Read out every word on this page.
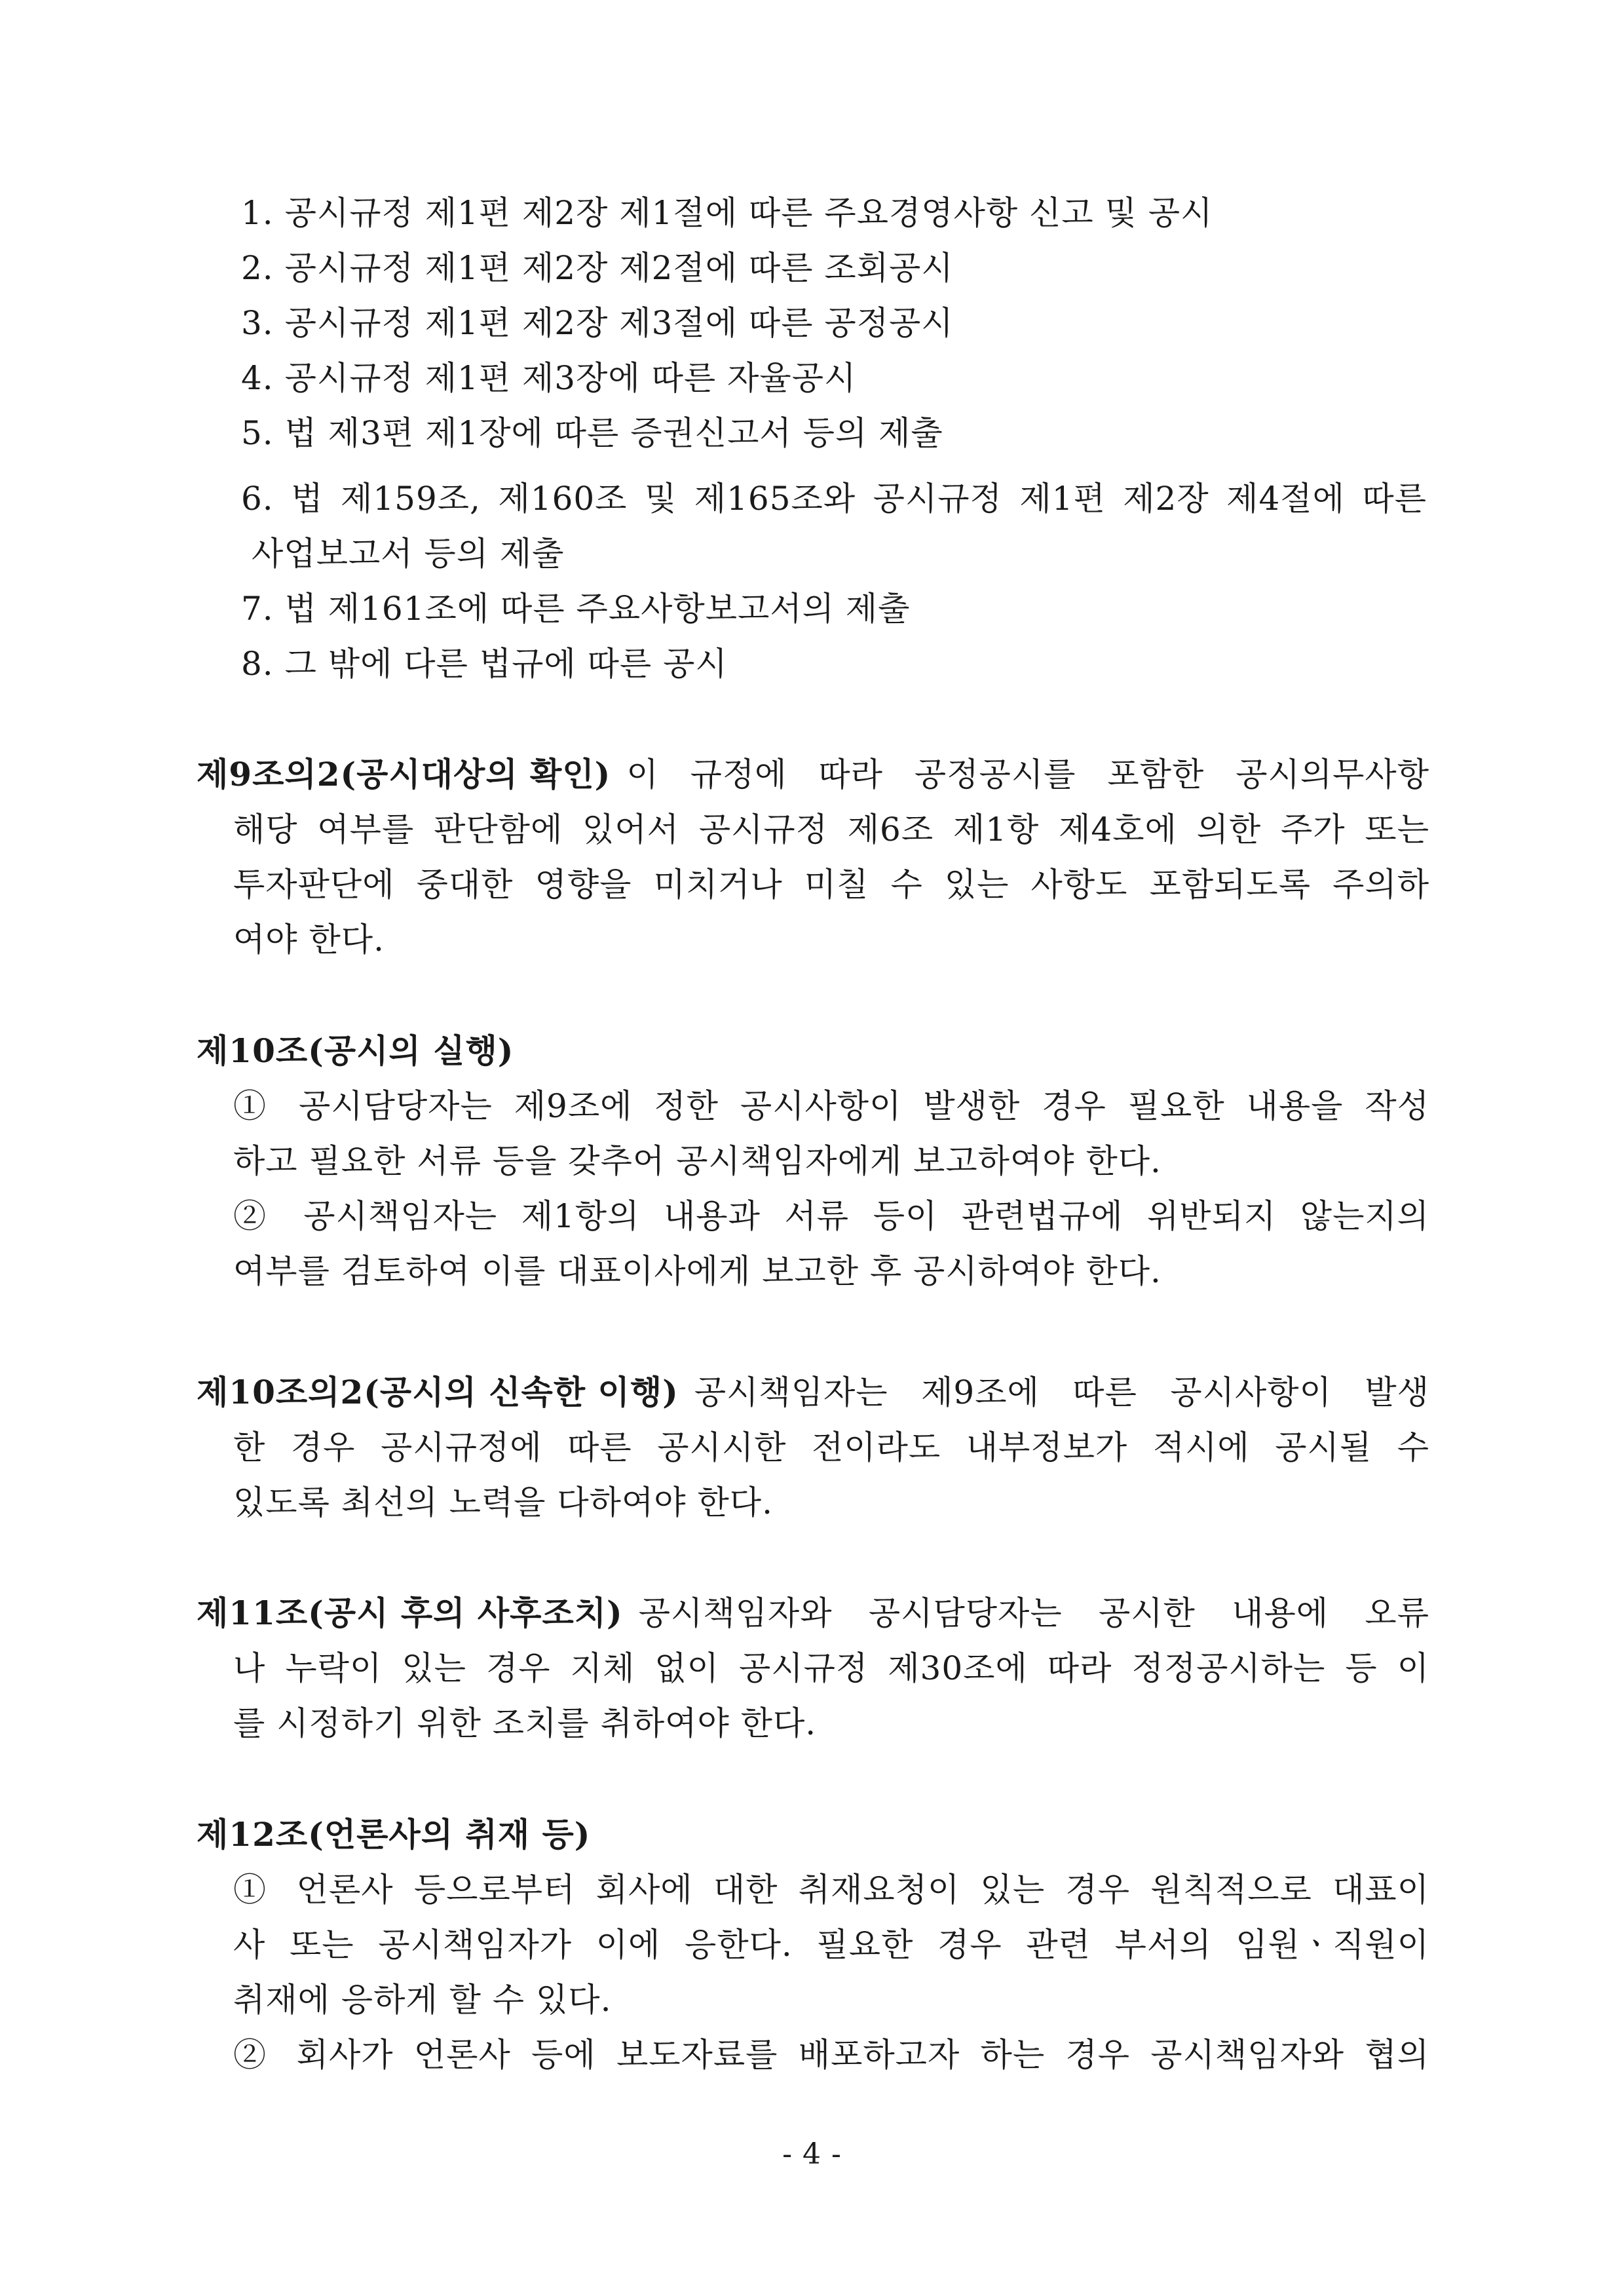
1. 공시규정 제1편 제2장 제1절에 따른 주요경영사항 신고 및 공시
2. 공시규정 제1편 제2장 제2절에 따른 조회공시
3. 공시규정 제1편 제2장 제3절에 따른 공정공시
4. 공시규정 제1편 제3장에 따른 자율공시
5. 법 제3편 제1장에 따른 증권신고서 등의 제출
6. 법 제159조, 제160조 및 제165조와 공시규정 제1편 제2장 제4절에 따른
사업보고서 등의 제출
7. 법 제161조에 따른 주요사항보고서의 제출
8. 그 밖에 다른 법규에 따른 공시
제9조의2(공시대상의 확인) 이 규정에 따라 공정공시를 포함한 공시의무사항
해당 여부를 판단함에 있어서 공시규정 제6조 제1항 제4호에 의한 주가 또는
투자판단에 중대한 영향을 미치거나 미칠 수 있는 사항도 포함되도록 주의하
여야 한다.
제10조(공시의 실행)
① 공시담당자는 제9조에 정한 공시사항이 발생한 경우 필요한 내용을 작성
하고 필요한 서류 등을 갖추어 공시책임자에게 보고하여야 한다.
② 공시책임자는 제1항의 내용과 서류 등이 관련법규에 위반되지 않는지의
여부를 검토하여 이를 대표이사에게 보고한 후 공시하여야 한다.
제10조의2(공시의 신속한 이행) 공시책임자는 제9조에 따른 공시사항이 발생
한 경우 공시규정에 따른 공시시한 전이라도 내부정보가 적시에 공시될 수
있도록 최선의 노력을 다하여야 한다.
제11조(공시 후의 사후조치) 공시책임자와 공시담당자는 공시한 내용에 오류
나 누락이 있는 경우 지체 없이 공시규정 제30조에 따라 정정공시하는 등 이
를 시정하기 위한 조치를 취하여야 한다.
제12조(언론사의 취재 등)
① 언론사 등으로부터 회사에 대한 취재요청이 있는 경우 원칙적으로 대표이
사 또는 공시책임자가 이에 응한다. 필요한 경우 관련 부서의 임원ㆍ직원이
취재에 응하게 할 수 있다.
② 회사가 언론사 등에 보도자료를 배포하고자 하는 경우 공시책임자와 협의
- 4 -
